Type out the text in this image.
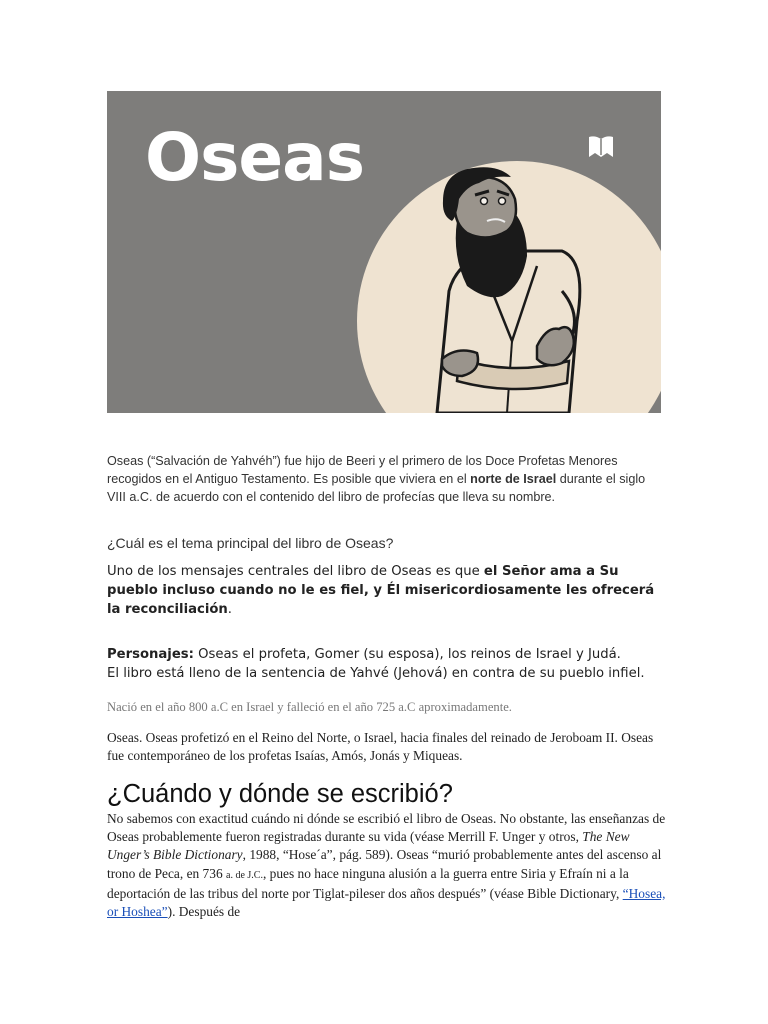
Oseas

Oseas (“Salvación de Yahvéh”) fue hijo de Beeri y el primero de los Doce Profetas Menores recogidos en el Antiguo Testamento. Es posible que viviera en el norte de Israel durante el siglo VIII a.C. de acuerdo con el contenido del libro de profecías que lleva su nombre.

¿Cuál es el tema principal del libro de Oseas?

Uno de los mensajes centrales del libro de Oseas es que el Señor ama a Su pueblo incluso cuando no le es fiel, y Él misericordiosamente les ofrecerá la reconciliación.

Personajes: Oseas el profeta, Gomer (su esposa), los reinos de Israel y Judá.
El libro está lleno de la sentencia de Yahvé (Jehová) en contra de su pueblo infiel.

Nació en el año 800 a.C en Israel y falleció en el año 725 a.C aproximadamente.

Oseas. Oseas profetizó en el Reino del Norte, o Israel, hacia finales del reinado de Jeroboam II. Oseas fue contemporáneo de los profetas Isaías, Amós, Jonás y Miqueas.

¿Cuándo y dónde se escribió?

No sabemos con exactitud cuándo ni dónde se escribió el libro de Oseas. No obstante, las enseñanzas de Oseas probablemente fueron registradas durante su vida (véase Merrill F. Unger y otros, The New Unger’s Bible Dictionary, 1988, “Hose´a”, pág. 589). Oseas “murió probablemente antes del ascenso al trono de Peca, en 736 a. de J.C., pues no hace ninguna alusión a la guerra entre Siria y Efraín ni a la deportación de las tribus del norte por Tiglat-pileser dos años después” (véase Bible Dictionary, “Hosea, or Hoshea”). Después de
